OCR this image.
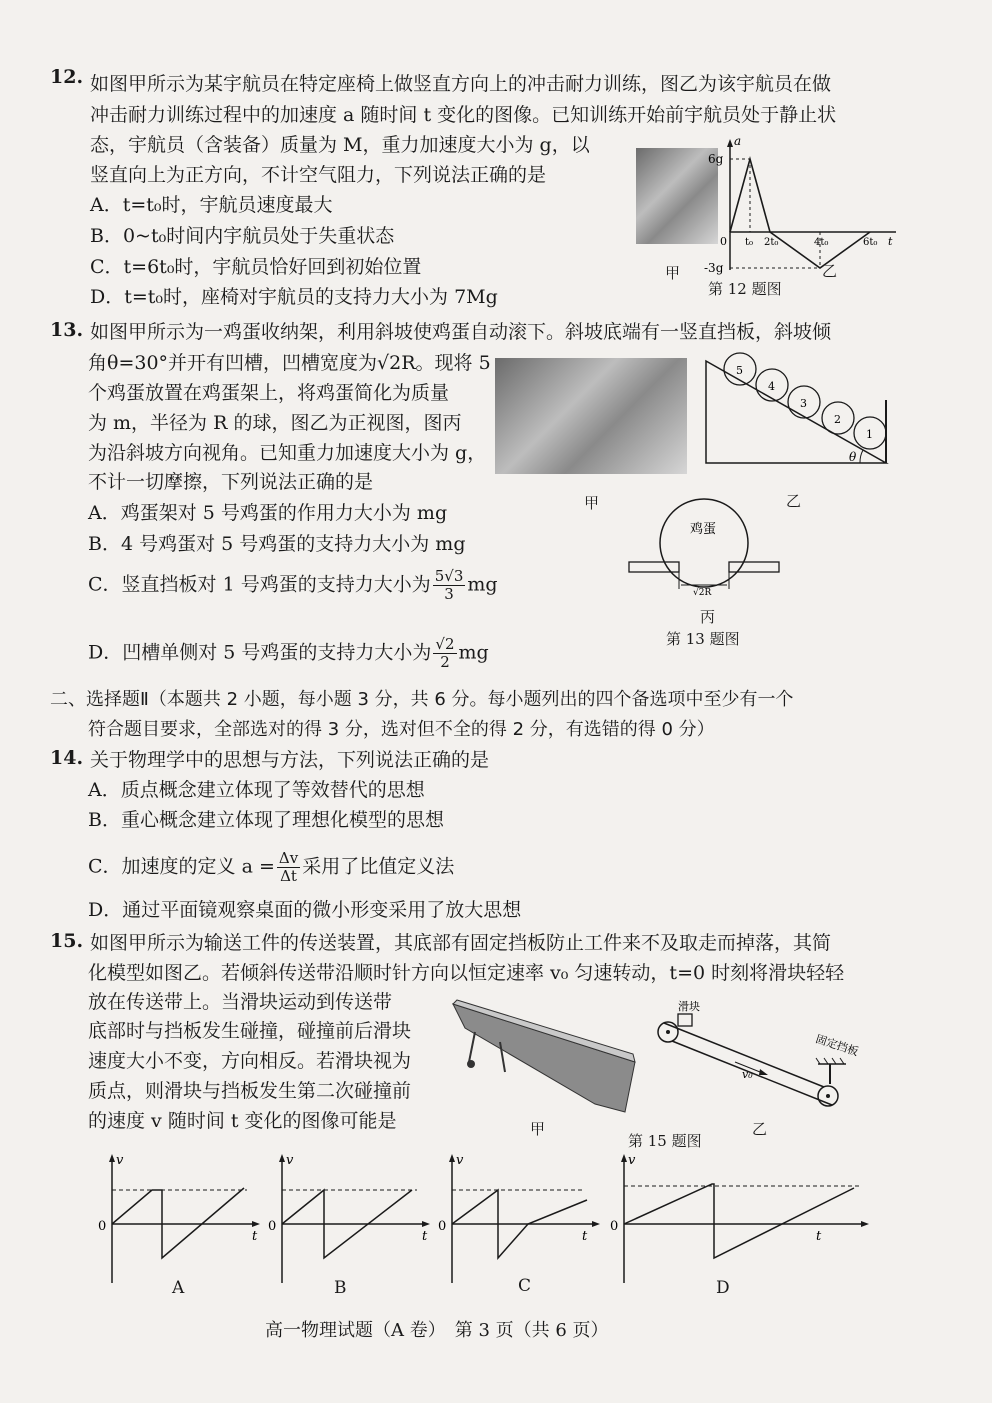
12. 如图甲所示为某宇航员在特定座椅上做竖直方向上的冲击耐力训练，图乙为该宇航员在做
冲击耐力训练过程中的加速度 a 随时间 t 变化的图像。已知训练开始前宇航员处于静止状
态，宇航员（含装备）质量为 M，重力加速度大小为 g，以
竖直向上为正方向，不计空气阻力，下列说法正确的是
A．t=t₀时，宇航员速度最大
B．0~t₀时间内宇航员处于失重状态
C．t=6t₀时，宇航员恰好回到初始位置
D．t=t₀时，座椅对宇航员的支持力大小为 7Mg
甲
a
6g
-3g
0 t₀ 2t₀	4t₀	6t₀ t
乙
第 12 题图
13. 如图甲所示为一鸡蛋收纳架，利用斜坡使鸡蛋自动滚下。斜坡底端有一竖直挡板，斜坡倾
角θ=30°并开有凹槽，凹槽宽度为√2R。现将 5
个鸡蛋放置在鸡蛋架上，将鸡蛋简化为质量
为 m，半径为 R 的球，图乙为正视图，图丙
为沿斜坡方向视角。已知重力加速度大小为 g，
不计一切摩擦，下列说法正确的是
A．鸡蛋架对 5 号鸡蛋的作用力大小为 mg
B．4 号鸡蛋对 5 号鸡蛋的支持力大小为 mg
C．竖直挡板对 1 号鸡蛋的支持力大小为 $\frac{5√3}{3}$ mg
D．凹槽单侧对 5 号鸡蛋的支持力大小为 $\frac{√2}{2}$ mg
甲
1
2
3
4
5
θ
乙
鸡蛋
√2R
丙
第 13 题图
二、选择题Ⅱ（本题共 2 小题，每小题 3 分，共 6 分。每小题列出的四个备选项中至少有一个
符合题目要求，全部选对的得 3 分，选对但不全的得 2 分，有选错的得 0 分）
14. 关于物理学中的思想与方法，下列说法正确的是
A．质点概念建立体现了等效替代的思想
B．重心概念建立体现了理想化模型的思想
C．加速度的定义 $a = \frac{\Delta v}{\Delta t}$ 采用了比值定义法
D．通过平面镜观察桌面的微小形变采用了放大思想
15. 如图甲所示为输送工件的传送装置，其底部有固定挡板防止工件来不及取走而掉落，其简
化模型如图乙。若倾斜传送带沿顺时针方向以恒定速率 v₀ 匀速转动，t=0 时刻将滑块轻轻
放在传送带上。当滑块运动到传送带
底部时与挡板发生碰撞，碰撞前后滑块
速度大小不变，方向相反。若滑块视为
质点，则滑块与挡板发生第二次碰撞前
的速度 v 随时间 t 变化的图像可能是	甲
滑块
v₀
固定挡板
乙
第 15 题图
v
t
0
A
v
t
0
B
v
t
0
C
v
t
0
D
高一物理试题（A 卷）　第 3 页（共 6 页）
